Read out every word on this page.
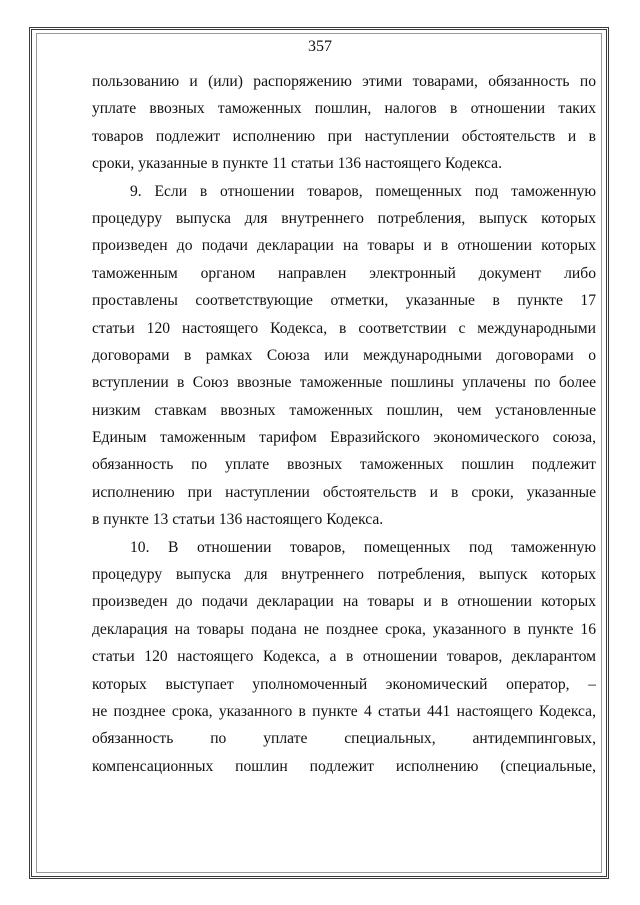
357
пользованию и (или) распоряжению этими товарами, обязанность по
уплате ввозных таможенных пошлин, налогов в отношении таких
товаров подлежит исполнению при наступлении обстоятельств и в
сроки, указанные в пункте 11 статьи 136 настоящего Кодекса.
9. Если в отношении товаров, помещенных под таможенную
процедуру выпуска для внутреннего потребления, выпуск которых
произведен до подачи декларации на товары и в отношении которых
таможенным органом направлен электронный документ либо
проставлены соответствующие отметки, указанные в пункте 17
статьи 120 настоящего Кодекса, в соответствии с международными
договорами в рамках Союза или международными договорами о
вступлении в Союз ввозные таможенные пошлины уплачены по более
низким ставкам ввозных таможенных пошлин, чем установленные
Единым таможенным тарифом Евразийского экономического союза,
обязанность по уплате ввозных таможенных пошлин подлежит
исполнению при наступлении обстоятельств и в сроки, указанные
в пункте 13 статьи 136 настоящего Кодекса.
10. В отношении товаров, помещенных под таможенную
процедуру выпуска для внутреннего потребления, выпуск которых
произведен до подачи декларации на товары и в отношении которых
декларация на товары подана не позднее срока, указанного в пункте 16
статьи 120 настоящего Кодекса, а в отношении товаров, декларантом
которых выступает уполномоченный экономический оператор, –
не позднее срока, указанного в пункте 4 статьи 441 настоящего Кодекса,
обязанность по уплате специальных, антидемпинговых,
компенсационных пошлин подлежит исполнению (специальные,
